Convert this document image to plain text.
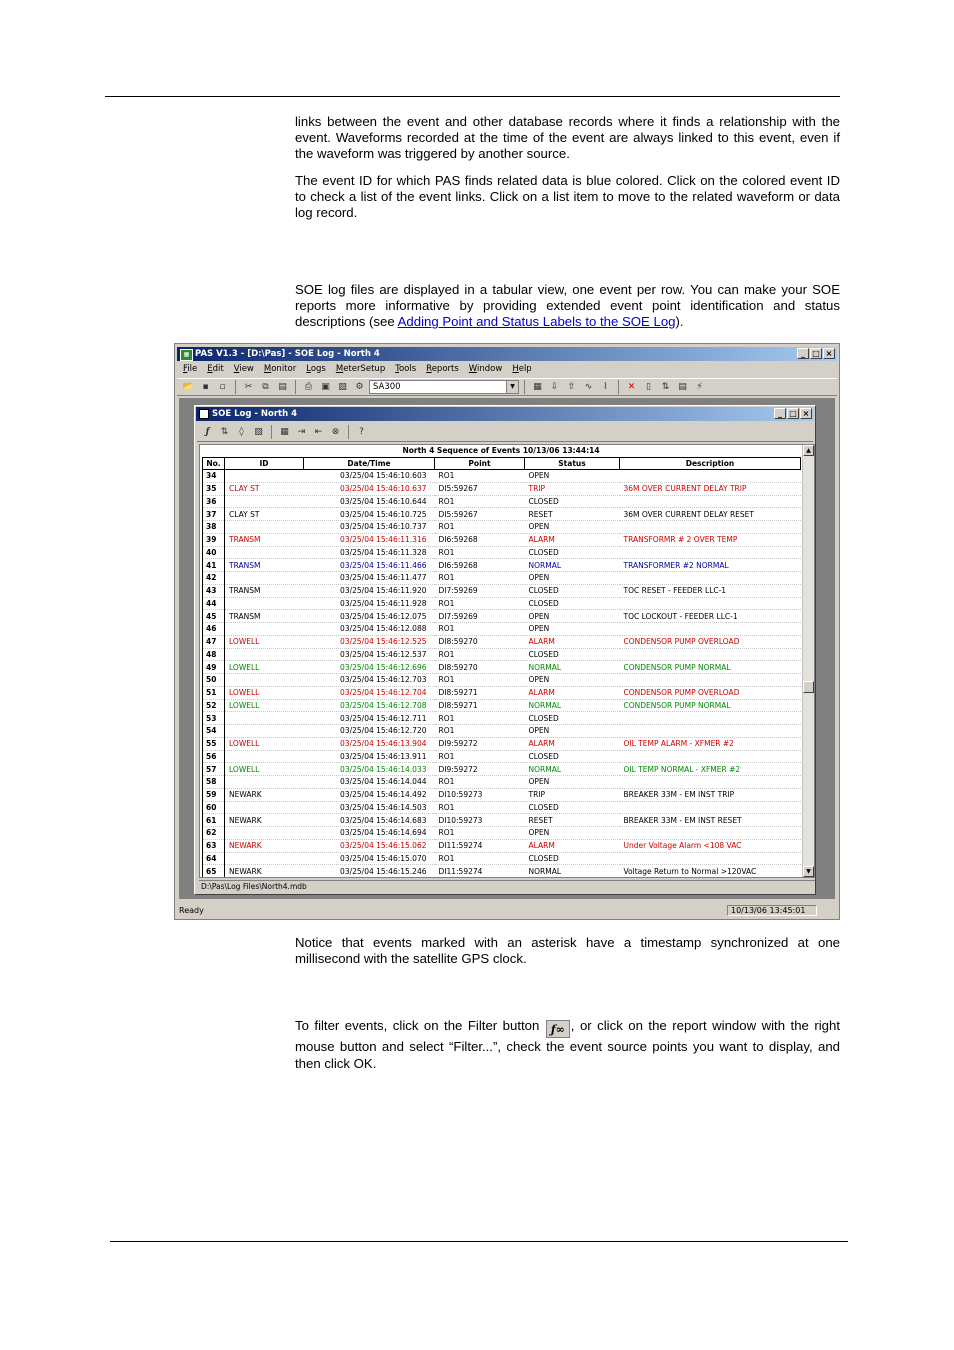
links between the event and other database records where it finds a relationship with the event. Waveforms recorded at the time of the event are always linked to this event, even if the waveform was triggered by another source.

The event ID for which PAS finds related data is blue colored. Click on the colored event ID to check a list of the event links. Click on a list item to move to the related waveform or data log record.

SOE log files are displayed in a tabular view, one event per row. You can make your SOE reports more informative by providing extended event point identification and status descriptions (see Adding Point and Status Labels to the SOE Log).

▦ PAS V1.3 - [D:\Pas] - SOE Log - North 4	_ □ ×
File Edit View Monitor Logs MeterSetup Tools Reports Window Help
📂 ▪	▫	✂	⧉	▤	⎙	▣ ▧ ⚙	SA300	▼	▦ ⇩	⇧	∿	⌇	✕	▯	⇅ ▤	⚡
SOE Log - North 4	_ □ ×
ƒ	⇅	◊	▧	▦ ⇥	⇤	⊗	?
North 4 Sequence of Events 10/13/06 13:44:14
No.	ID	Date/Time	Point	Status	Description
34		03/25/04 15:46:10.603	RO1	OPEN	
35	CLAY ST	03/25/04 15:46:10.637	DI5:59267	TRIP	36M OVER CURRENT DELAY TRIP
36		03/25/04 15:46:10.644	RO1	CLOSED	
37	CLAY ST	03/25/04 15:46:10.725	DI5:59267	RESET	36M OVER CURRENT DELAY RESET
38		03/25/04 15:46:10.737	RO1	OPEN	
39	TRANSM	03/25/04 15:46:11.316	DI6:59268	ALARM	TRANSFORMR # 2 OVER TEMP
40		03/25/04 15:46:11.328	RO1	CLOSED	
41	TRANSM	03/25/04 15:46:11.466	DI6:59268	NORMAL	TRANSFORMER #2 NORMAL
42		03/25/04 15:46:11.477	RO1	OPEN	
43	TRANSM	03/25/04 15:46:11.920	DI7:59269	CLOSED	TOC RESET - FEEDER LLC-1
44		03/25/04 15:46:11.928	RO1	CLOSED	
45	TRANSM	03/25/04 15:46:12.075	DI7:59269	OPEN	TOC LOCKOUT - FEEDER LLC-1
46		03/25/04 15:46:12.088	RO1	OPEN	
47	LOWELL	03/25/04 15:46:12.525	DI8:59270	ALARM	CONDENSOR PUMP OVERLOAD
48		03/25/04 15:46:12.537	RO1	CLOSED	
49	LOWELL	03/25/04 15:46:12.696	DI8:59270	NORMAL	CONDENSOR PUMP NORMAL
50		03/25/04 15:46:12.703	RO1	OPEN	
51	LOWELL	03/25/04 15:46:12.704	DI8:59271	ALARM	CONDENSOR PUMP OVERLOAD
52	LOWELL	03/25/04 15:46:12.708	DI8:59271	NORMAL	CONDENSOR PUMP NORMAL
53		03/25/04 15:46:12.711	RO1	CLOSED	
54		03/25/04 15:46:12.720	RO1	OPEN	
55	LOWELL	03/25/04 15:46:13.904	DI9:59272	ALARM	OIL TEMP ALARM - XFMER #2
56		03/25/04 15:46:13.911	RO1	CLOSED	
57	LOWELL	03/25/04 15:46:14.033	DI9:59272	NORMAL	OIL TEMP NORMAL - XFMER #2
58		03/25/04 15:46:14.044	RO1	OPEN	
59	NEWARK	03/25/04 15:46:14.492	DI10:59273	TRIP	BREAKER 33M - EM INST TRIP
60		03/25/04 15:46:14.503	RO1	CLOSED	
61	NEWARK	03/25/04 15:46:14.683	DI10:59273	RESET	BREAKER 33M - EM INST RESET
62		03/25/04 15:46:14.694	RO1	OPEN	
63	NEWARK	03/25/04 15:46:15.062	DI11:59274	ALARM	Under Voltage Alarm <108 VAC
64		03/25/04 15:46:15.070	RO1	CLOSED	
65	NEWARK	03/25/04 15:46:15.246	DI11:59274	NORMAL	Voltage Return to Normal >120VAC

▲
▼
D:\Pas\Log Files\North4.mdb
Ready	10/13/06 13:45:01

Notice that events marked with an asterisk have a timestamp synchronized at one millisecond with the satellite GPS clock.

To filter events, click on the Filter button ƒ∞ , or click on the report window with the right mouse button and select “Filter...”, check the event source points you want to display, and then click OK.
